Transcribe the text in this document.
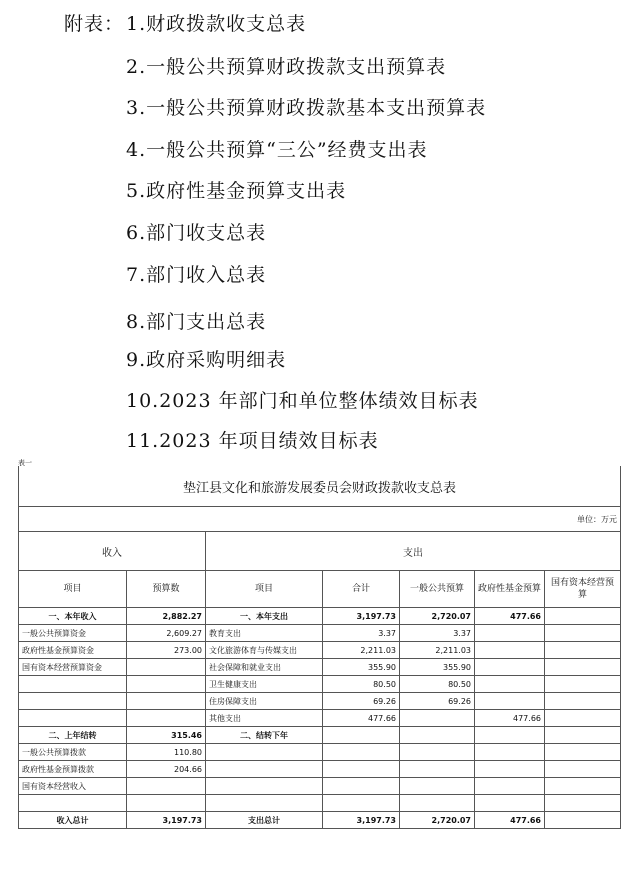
附表： 1.财政拨款收支总表
2.一般公共预算财政拨款支出预算表
3.一般公共预算财政拨款基本支出预算表
4.一般公共预算“三公”经费支出表
5.政府性基金预算支出表
6.部门收支总表
7.部门收入总表
8.部门支出总表
9.政府采购明细表
10.2023 年部门和单位整体绩效目标表
11.2023 年项目绩效目标表
表一
垫江县文化和旅游发展委员会财政拨款收支总表						
单位：万元						
收入		支出				
项目	预算数	项目	合计	一般公共预算	政府性基金预算	国有资本经营预算
一、本年收入	2,882.27	一、本年支出	3,197.73	2,720.07	477.66	
一般公共预算资金	2,609.27	教育支出	3.37	3.37		
政府性基金预算资金	273.00	文化旅游体育与传媒支出	2,211.03	2,211.03		
国有资本经营预算资金		社会保障和就业支出	355.90	355.90		
		卫生健康支出	80.50	80.50		
		住房保障支出	69.26	69.26		
		其他支出	477.66		477.66	
二、上年结转	315.46	二、结转下年				
一般公共预算拨款	110.80					
政府性基金预算拨款	204.66					
国有资本经营收入						

收入总计	3,197.73	支出总计	3,197.73	2,720.07	477.66	
